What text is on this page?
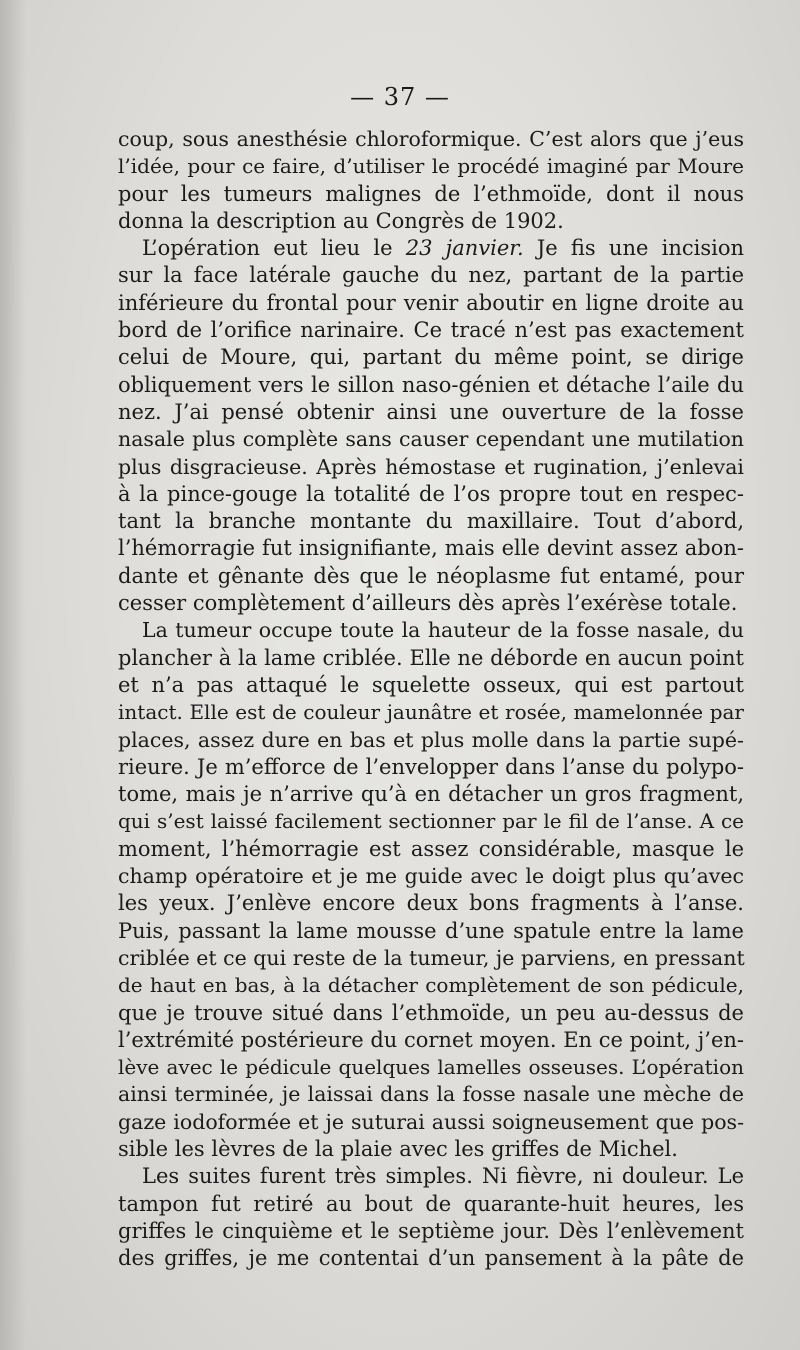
— 37 —
coup, sous anesthésie chloroformique. C’est alors que j’eus
l’idée, pour ce faire, d’utiliser le procédé imaginé par Moure
pour les tumeurs malignes de l’ethmoïde, dont il nous
donna la description au Congrès de 1902.
L’opération eut lieu le 23 janvier. Je fis une incision
sur la face latérale gauche du nez, partant de la partie
inférieure du frontal pour venir aboutir en ligne droite au
bord de l’orifice narinaire. Ce tracé n’est pas exactement
celui de Moure, qui, partant du même point, se dirige
obliquement vers le sillon naso-génien et détache l’aile du
nez. J’ai pensé obtenir ainsi une ouverture de la fosse
nasale plus complète sans causer cependant une mutilation
plus disgracieuse. Après hémostase et rugination, j’enlevai
à la pince-gouge la totalité de l’os propre tout en respec-
tant la branche montante du maxillaire. Tout d’abord,
l’hémorragie fut insignifiante, mais elle devint assez abon-
dante et gênante dès que le néoplasme fut entamé, pour
cesser complètement d’ailleurs dès après l’exérèse totale.
La tumeur occupe toute la hauteur de la fosse nasale, du
plancher à la lame criblée. Elle ne déborde en aucun point
et n’a pas attaqué le squelette osseux, qui est partout
intact. Elle est de couleur jaunâtre et rosée, mamelonnée par
places, assez dure en bas et plus molle dans la partie supé-
rieure. Je m’efforce de l’envelopper dans l’anse du polypo-
tome, mais je n’arrive qu’à en détacher un gros fragment,
qui s’est laissé facilement sectionner par le fil de l’anse. A ce
moment, l’hémorragie est assez considérable, masque le
champ opératoire et je me guide avec le doigt plus qu’avec
les yeux. J’enlève encore deux bons fragments à l’anse.
Puis, passant la lame mousse d’une spatule entre la lame
criblée et ce qui reste de la tumeur, je parviens, en pressant
de haut en bas, à la détacher complètement de son pédicule,
que je trouve situé dans l’ethmoïde, un peu au-dessus de
l’extrémité postérieure du cornet moyen. En ce point, j’en-
lève avec le pédicule quelques lamelles osseuses. L’opération
ainsi terminée, je laissai dans la fosse nasale une mèche de
gaze iodoformée et je suturai aussi soigneusement que pos-
sible les lèvres de la plaie avec les griffes de Michel.
Les suites furent très simples. Ni fièvre, ni douleur. Le
tampon fut retiré au bout de quarante-huit heures, les
griffes le cinquième et le septième jour. Dès l’enlèvement
des griffes, je me contentai d’un pansement à la pâte de
